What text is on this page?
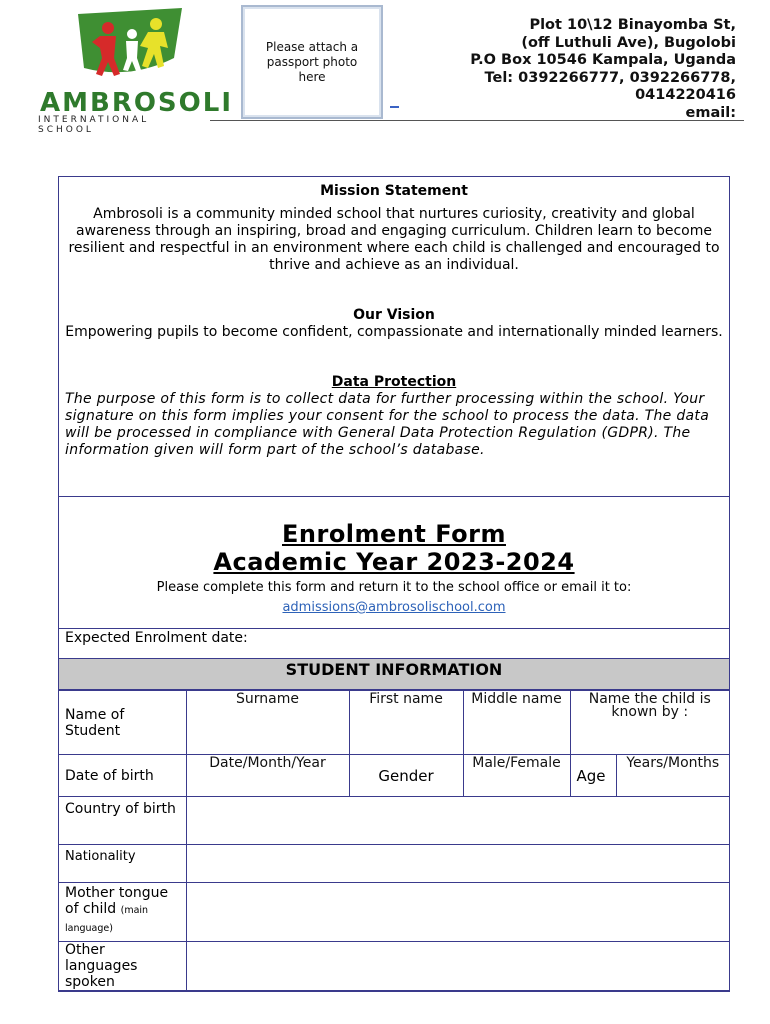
AMBROSOLI
INTERNATIONAL SCHOOL
Please attach a passport photo here
Plot 10\12 Binayomba St,
(off Luthuli Ave), Bugolobi
P.O Box 10546 Kampala, Uganda
Tel: 0392266777, 0392266778,
0414220416
email:
Mission Statement
Ambrosoli is a community minded school that nurtures curiosity, creativity and global awareness through an inspiring, broad and engaging curriculum. Children learn to become resilient and respectful in an environment where each child is challenged and encouraged to thrive and achieve as an individual.
Our Vision
Empowering pupils to become confident, compassionate and internationally minded learners.
Data Protection
The purpose of this form is to collect data for further processing within the school. Your signature on this form implies your consent for the school to process the data. The data will be processed in compliance with General Data Protection Regulation (GDPR). The information given will form part of the school’s database.
Enrolment Form
Academic Year 2023-2024
Please complete this form and return it to the school office or email it to:
admissions@ambrosolischool.com
Expected Enrolment date:
STUDENT INFORMATION
Name of Student	Surname	First name	Middle name	Name the child is known by :	
Date of birth	Date/Month/Year	Gender	Male/Female	Age	Years/Months
Country of birth					
Nationality					
Mother tongue of child (main language)					
Other languages spoken					
